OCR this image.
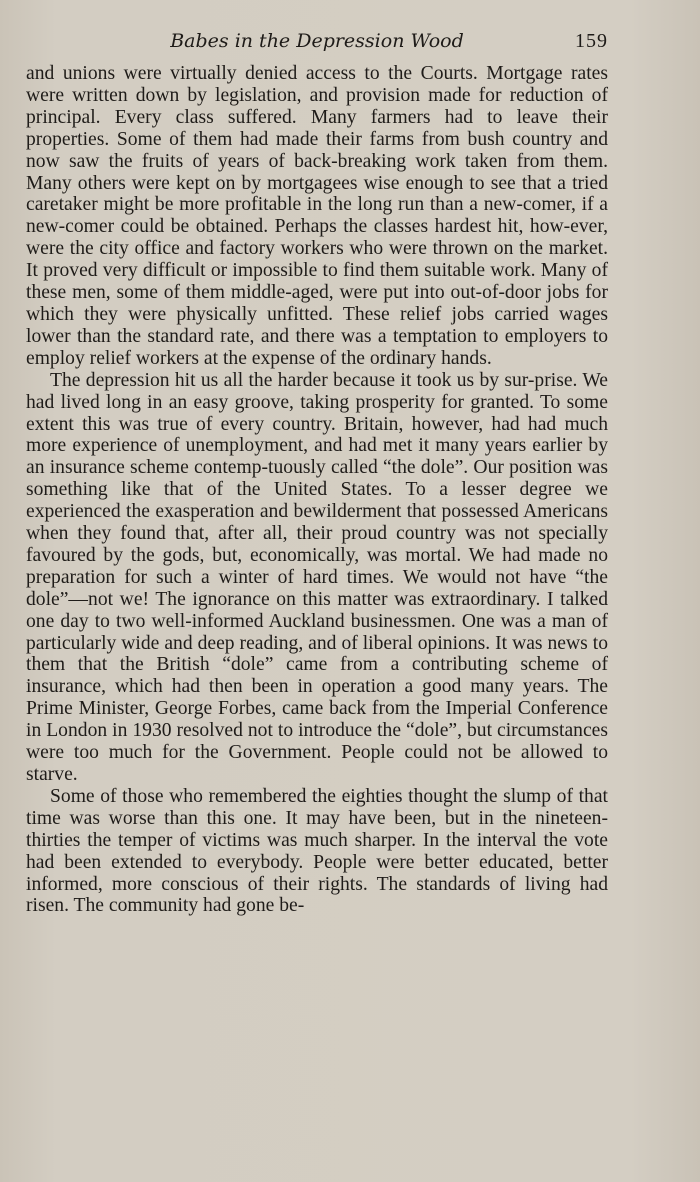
Babes in the Depression Wood	159

and unions were virtually denied access to the Courts. Mortgage rates were written down by legislation, and provision made for reduction of principal. Every class suffered. Many farmers had to leave their properties. Some of them had made their farms from bush country and now saw the fruits of years of back-breaking work taken from them. Many others were kept on by mortgagees wise enough to see that a tried caretaker might be more profitable in the long run than a new-comer, if a new-comer could be obtained. Perhaps the classes hardest hit, how-ever, were the city office and factory workers who were thrown on the market. It proved very difficult or impossible to find them suitable work. Many of these men, some of them middle-aged, were put into out-of-door jobs for which they were physically unfitted. These relief jobs carried wages lower than the standard rate, and there was a temptation to employers to employ relief workers at the expense of the ordinary hands.

The depression hit us all the harder because it took us by sur-prise. We had lived long in an easy groove, taking prosperity for granted. To some extent this was true of every country. Britain, however, had had much more experience of unemployment, and had met it many years earlier by an insurance scheme contemp-tuously called “the dole”. Our position was something like that of the United States. To a lesser degree we experienced the exasperation and bewilderment that possessed Americans when they found that, after all, their proud country was not specially favoured by the gods, but, economically, was mortal. We had made no preparation for such a winter of hard times. We would not have “the dole”—not we! The ignorance on this matter was extraordinary. I talked one day to two well-informed Auckland businessmen. One was a man of particularly wide and deep reading, and of liberal opinions. It was news to them that the British “dole” came from a contributing scheme of insurance, which had then been in operation a good many years. The Prime Minister, George Forbes, came back from the Imperial Conference in London in 1930 resolved not to introduce the “dole”, but circumstances were too much for the Government. People could not be allowed to starve.

Some of those who remembered the eighties thought the slump of that time was worse than this one. It may have been, but in the nineteen-thirties the temper of victims was much sharper. In the interval the vote had been extended to everybody. People were better educated, better informed, more conscious of their rights. The standards of living had risen. The community had gone be-
